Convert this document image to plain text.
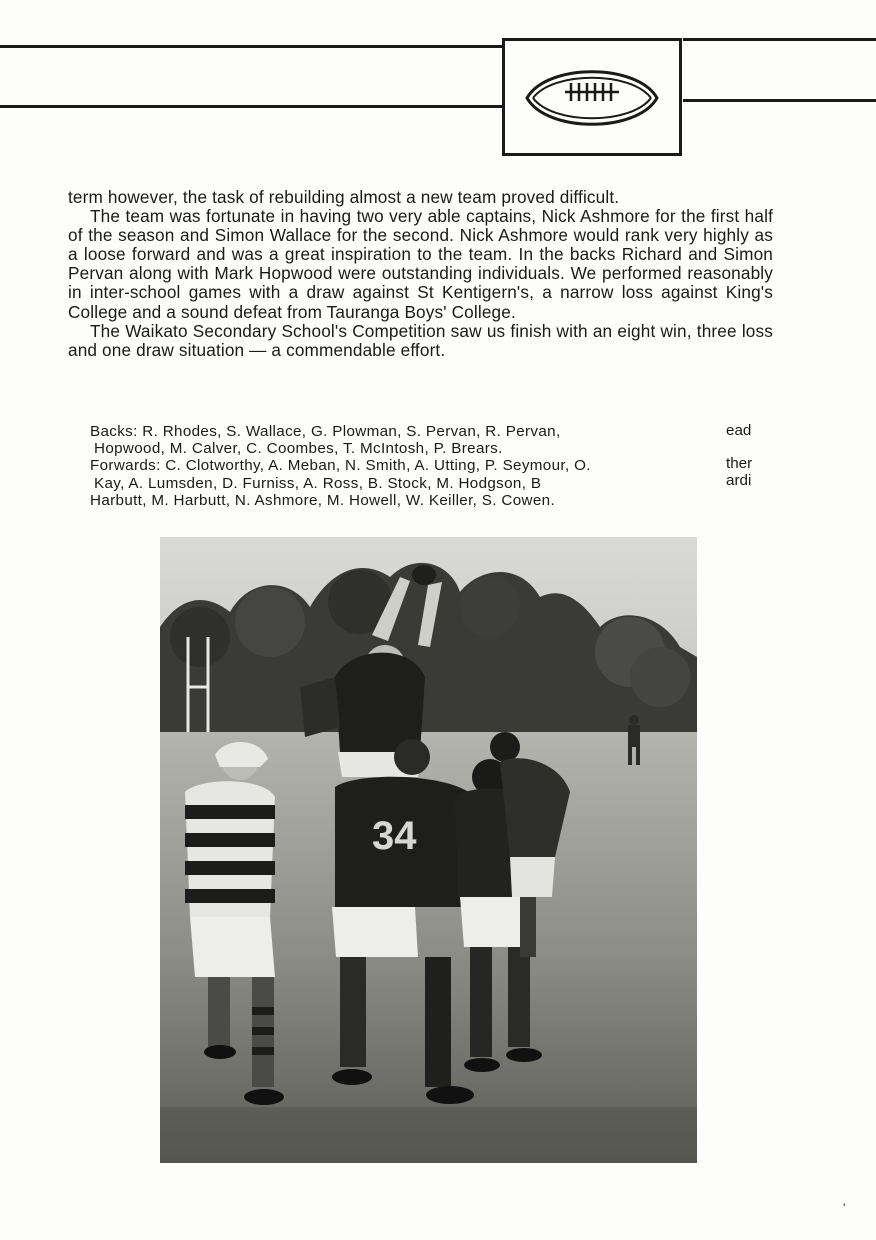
term however, the task of rebuilding almost a new team proved difficult.

The team was fortunate in having two very able captains, Nick Ashmore for the first half of the season and Simon Wallace for the second. Nick Ashmore would rank very highly as a loose forward and was a great inspiration to the team. In the backs Richard and Simon Pervan along with Mark Hopwood were outstanding individuals. We performed reasonably in inter-school games with a draw against St Kentigern's, a narrow loss against King's College and a sound defeat from Tauranga Boys' College.

The Waikato Secondary School's Competition saw us finish with an eight win, three loss and one draw situation — a commendable effort.

Backs: R. Rhodes, S. Wallace, G. Plowman, S. Pervan, R. Pervan,

Hopwood, M. Calver, C. Coombes, T. McIntosh, P. Brears.

Forwards: C. Clotworthy, A. Meban, N. Smith, A. Utting, P. Seymour, O.

Kay, A. Lumsden, D. Furniss, A. Ross, B. Stock, M. Hodgson, B

Harbutt, M. Harbutt, N. Ashmore, M. Howell, W. Keiller, S. Cowen.

ead
ther
ardi
34
'
